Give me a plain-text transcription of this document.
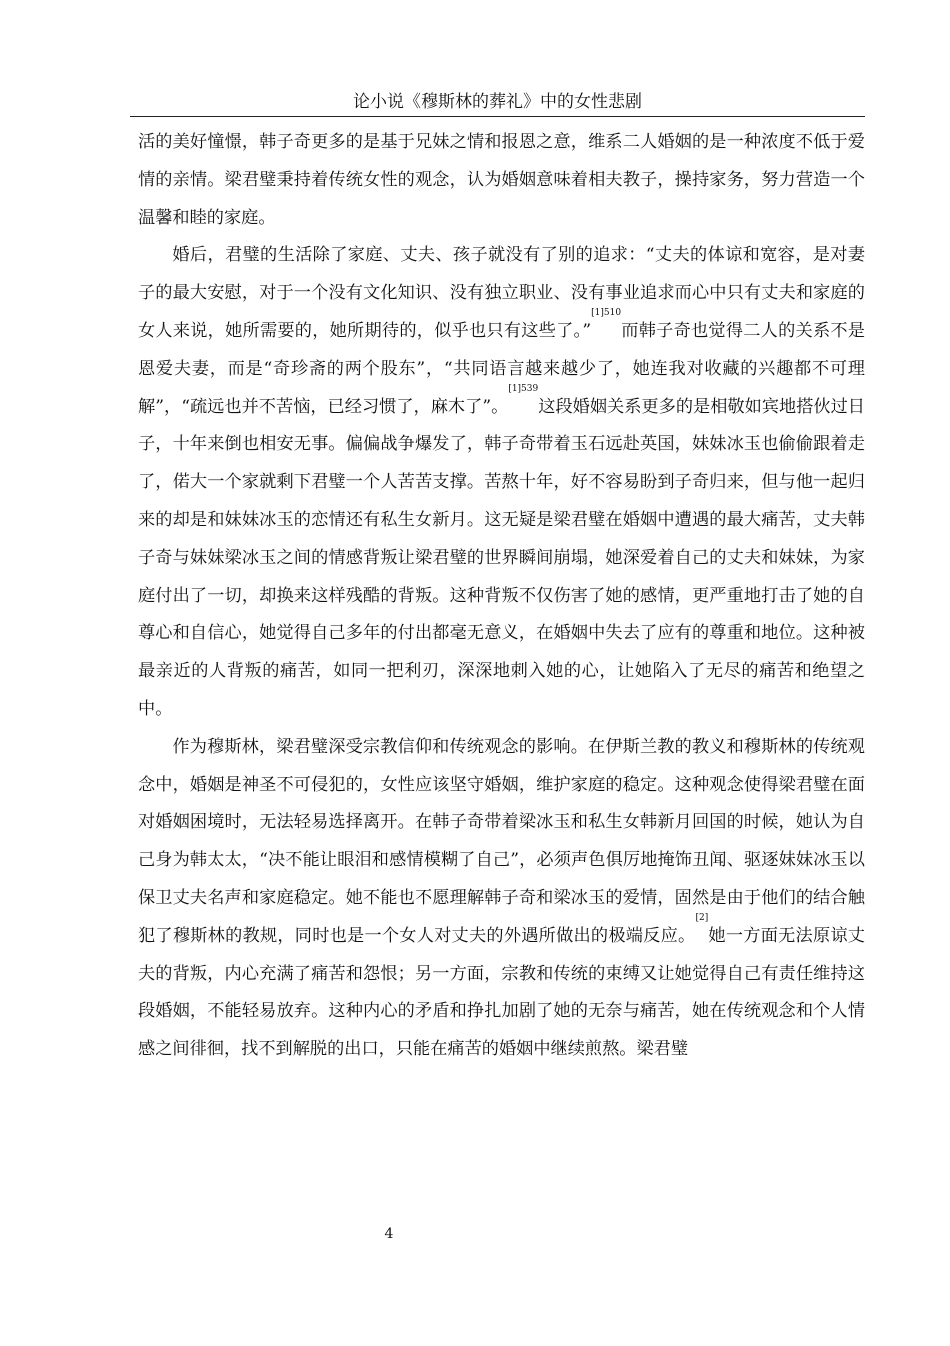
论小说《穆斯林的葬礼》中的女性悲剧

活的美好憧憬，韩子奇更多的是基于兄妹之情和报恩之意，维系二人婚姻的是一种浓度不低于爱情的亲情。梁君璧秉持着传统女性的观念，认为婚姻意味着相夫教子，操持家务，努力营造一个温馨和睦的家庭。

婚后，君璧的生活除了家庭、丈夫、孩子就没有了别的追求：“丈夫的体谅和宽容，是对妻子的最大安慰，对于一个没有文化知识、没有独立职业、没有事业追求而心中只有丈夫和家庭的女人来说，她所需要的，她所期待的，似乎也只有这些了。”$^{[1]510}$而韩子奇也觉得二人的关系不是恩爱夫妻，而是“奇珍斋的两个股东”，“共同语言越来越少了，她连我对收藏的兴趣都不可理解”，“疏远也并不苦恼，已经习惯了，麻木了”。$^{[1]539}$这段婚姻关系更多的是相敬如宾地搭伙过日子，十年来倒也相安无事。偏偏战争爆发了，韩子奇带着玉石远赴英国，妹妹冰玉也偷偷跟着走了，偌大一个家就剩下君璧一个人苦苦支撑。苦熬十年，好不容易盼到子奇归来，但与他一起归来的却是和妹妹冰玉的恋情还有私生女新月。这无疑是梁君璧在婚姻中遭遇的最大痛苦，丈夫韩子奇与妹妹梁冰玉之间的情感背叛让梁君璧的世界瞬间崩塌，她深爱着自己的丈夫和妹妹，为家庭付出了一切，却换来这样残酷的背叛。这种背叛不仅伤害了她的感情，更严重地打击了她的自尊心和自信心，她觉得自己多年的付出都毫无意义，在婚姻中失去了应有的尊重和地位。这种被最亲近的人背叛的痛苦，如同一把利刃，深深地刺入她的心，让她陷入了无尽的痛苦和绝望之中。

作为穆斯林，梁君璧深受宗教信仰和传统观念的影响。在伊斯兰教的教义和穆斯林的传统观念中，婚姻是神圣不可侵犯的，女性应该坚守婚姻，维护家庭的稳定。这种观念使得梁君璧在面对婚姻困境时，无法轻易选择离开。在韩子奇带着梁冰玉和私生女韩新月回国的时候，她认为自己身为韩太太，“决不能让眼泪和感情模糊了自己”，必须声色俱厉地掩饰丑闻、驱逐妹妹冰玉以保卫丈夫名声和家庭稳定。她不能也不愿理解韩子奇和梁冰玉的爱情，固然是由于他们的结合触犯了穆斯林的教规，同时也是一个女人对丈夫的外遇所做出的极端反应。[2]她一方面无法原谅丈夫的背叛，内心充满了痛苦和怨恨；另一方面，宗教和传统的束缚又让她觉得自己有责任维持这段婚姻，不能轻易放弃。这种内心的矛盾和挣扎加剧了她的无奈与痛苦，她在传统观念和个人情感之间徘徊，找不到解脱的出口，只能在痛苦的婚姻中继续煎熬。梁君璧

4
